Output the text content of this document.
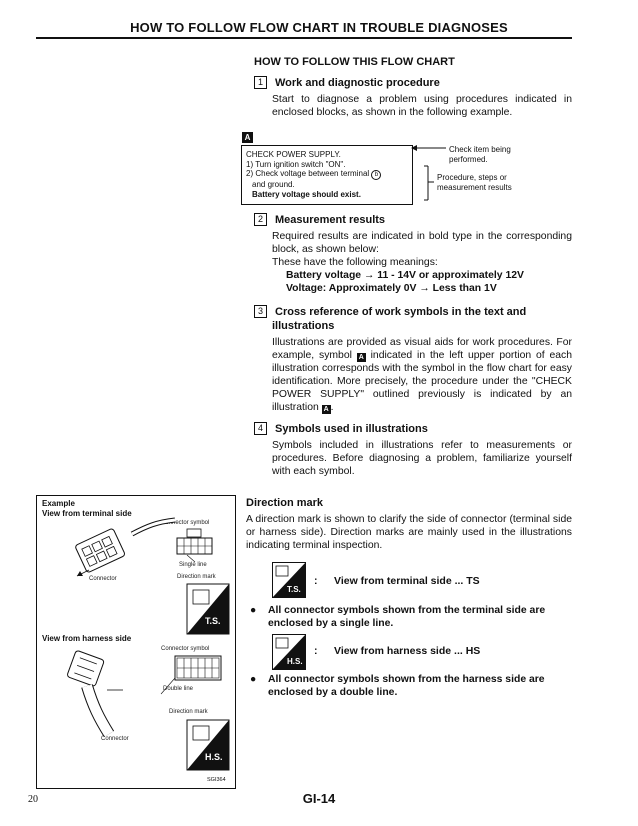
HOW TO FOLLOW FLOW CHART IN TROUBLE DIAGNOSES
HOW TO FOLLOW THIS FLOW CHART
1 Work and diagnostic procedure
Start to diagnose a problem using procedures indicated in enclosed blocks, as shown in the following example.
A
CHECK POWER SUPPLY.
1) Turn ignition switch "ON".
2) Check voltage between terminal b
and ground.
Battery voltage should exist.
Check item being performed.
Procedure, steps or measurement results
2 Measurement results
Required results are indicated in bold type in the corresponding block, as shown below:
These have the following meanings:
Battery voltage → 11 - 14V or approximately 12V
Voltage: Approximately 0V → Less than 1V
3 Cross reference of work symbols in the text and
illustrations
Illustrations are provided as visual aids for work procedures. For example, symbol A indicated in the left upper portion of each illustration corresponds with the symbol in the flow chart for easy identification. More precisely, the procedure under the "CHECK POWER SUPPLY" outlined previously is indicated by an illustration A .
4 Symbols used in illustrations
Symbols included in illustrations refer to measurements or procedures. Before diagnosing a problem, familiarize yourself with each symbol.
Example
View from terminal side
Connector symbol
Single line
Direction mark
Connector
T.S.
View from harness side
Connector symbol
Double line
Direction mark
Connector
H.S.
SGI364
Direction mark
A direction mark is shown to clarify the side of connector (terminal side or harness side). Direction marks are mainly used in the illustrations indicating terminal inspection.
T.S.
: View from terminal side ... TS
● All connector symbols shown from the terminal side are enclosed by a single line.
H.S.
: View from harness side ... HS
● All connector symbols shown from the harness side are enclosed by a double line.
20	GI-14
